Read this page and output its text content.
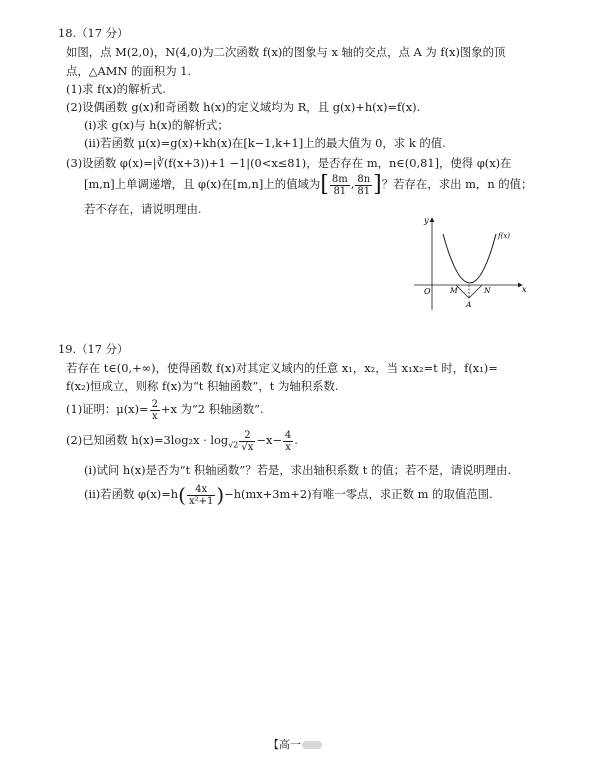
18.（17 分）
如图，点 M(2,0)，N(4,0)为二次函数 f(x)的图象与 x 轴的交点，点 A 为 f(x)图象的顶
点，△AMN 的面积为 1.
(1)求 f(x)的解析式.
(2)设偶函数 g(x)和奇函数 h(x)的定义域均为 R，且 g(x)+h(x)=f(x).
(ⅰ)求 g(x)与 h(x)的解析式；
(ⅱ)若函数 μ(x)=g(x)+kh(x)在[k−1,k+1]上的最大值为 0，求 k 的值.
(3)设函数 φ(x)=|∛(f(x+3))+1 −1|(0<x≤81)，是否存在 m，n∈(0,81]，使得 φ(x)在
[m,n]上单调递增，且 φ(x)在[m,n]上的值域为[ $\frac{8m}{81}$ , $\frac{8n}{81}$ ]？若存在，求出 m，n 的值；
若不存在，请说明理由.
y
x
O
f(x)
M	N
A
19.（17 分）
若存在 t∈(0,+∞)，使得函数 f(x)对其定义域内的任意 x₁，x₂，当 x₁x₂=t 时，f(x₁)=
f(x₂)恒成立，则称 f(x)为“t 积轴函数”，t 为轴积系数.
(1)证明：$\mu(x)= \frac{2}{x} +x$ 为“2 积轴函数”.
(2)已知函数 $h(x)=3\log_2x \cdot \log_{√2} \frac{2}{√x} -x- \frac{4}{x}$ .
(ⅰ)试问 h(x)是否为“t 积轴函数”？若是，求出轴积系数 t 的值；若不是，请说明理由.
(ⅱ)若函数 $\varphi(x)=h( \frac{4x}{\text{x²+1}} )-h(mx+3m+2)$有唯一零点，求正数 m 的取值范围.
【高一
